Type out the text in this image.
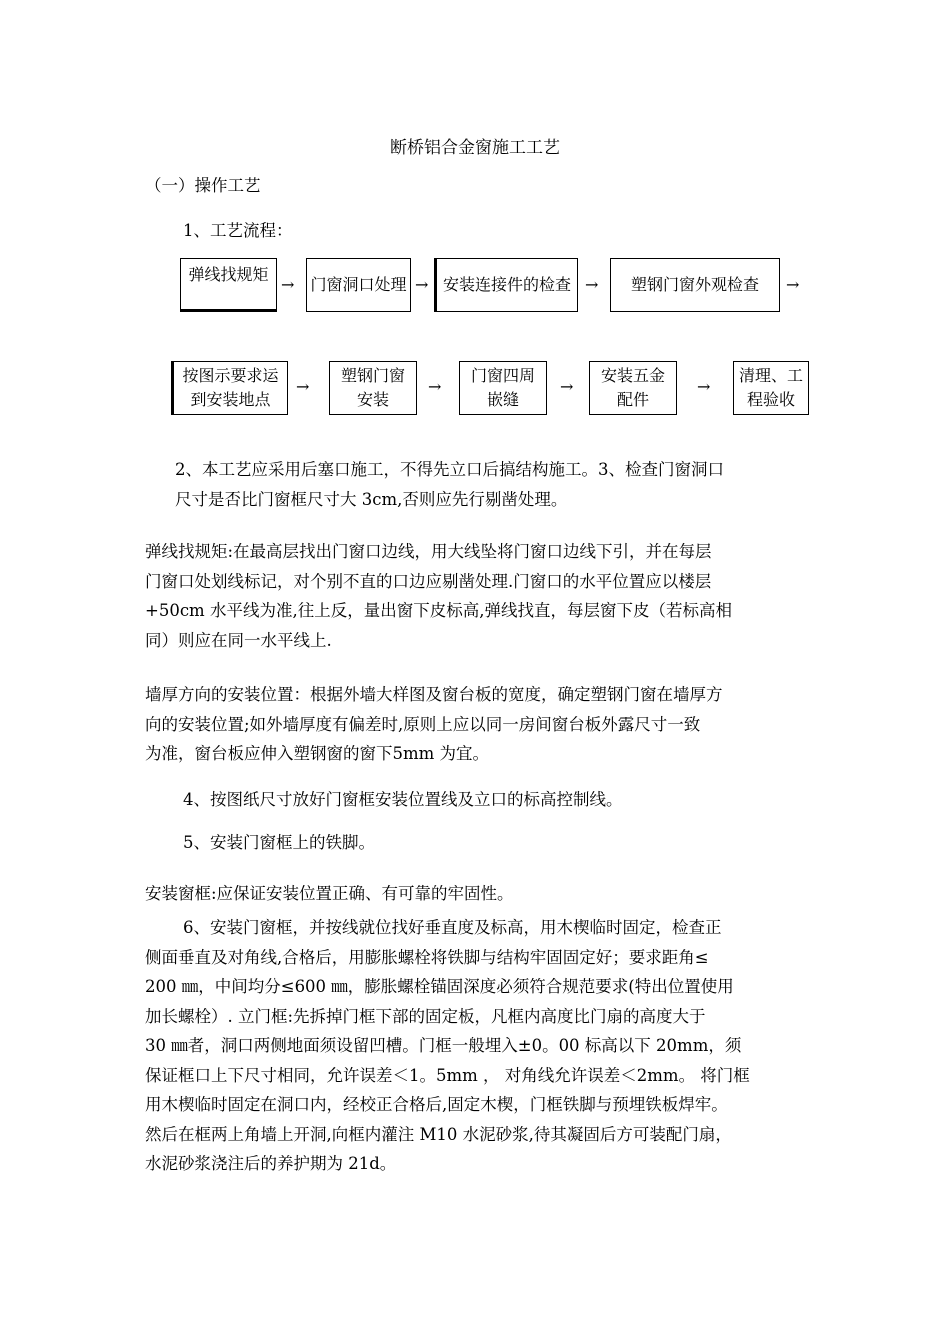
断桥铝合金窗施工工艺
（一）操作工艺
1、工艺流程：
弹线找规矩
→ 门窗洞口处理 → 安装连接件的检查 → 塑钢门窗外观检查 →
按图示要求运
到安装地点
→
塑钢门窗
安装
→
门窗四周
嵌缝
→
安装五金
配件
→
清理、工
程验收
2、本工艺应采用后塞口施工，不得先立口后搞结构施工。3、检查门窗洞口
尺寸是否比门窗框尺寸大 3cm,否则应先行剔凿处理。
弹线找规矩:在最高层找出门窗口边线，用大线坠将门窗口边线下引，并在每层
门窗口处划线标记，对个别不直的口边应剔凿处理.门窗口的水平位置应以楼层
+50cm 水平线为准,往上反，量出窗下皮标高,弹线找直，每层窗下皮（若标高相
同）则应在同一水平线上.
墙厚方向的安装位置：根据外墙大样图及窗台板的宽度，确定塑钢门窗在墙厚方
向的安装位置;如外墙厚度有偏差时,原则上应以同一房间窗台板外露尺寸一致
为准，窗台板应伸入塑钢窗的窗下5mm 为宜。
4、按图纸尺寸放好门窗框安装位置线及立口的标高控制线。
5、安装门窗框上的铁脚。
安装窗框:应保证安装位置正确、有可靠的牢固性。
6、安装门窗框，并按线就位找好垂直度及标高，用木楔临时固定，检查正
侧面垂直及对角线,合格后，用膨胀螺栓将铁脚与结构牢固固定好；要求距角≤
200 ㎜，中间均分≤600 ㎜，膨胀螺栓锚固深度必须符合规范要求(特出位置使用
加长螺栓）. 立门框:先拆掉门框下部的固定板，凡框内高度比门扇的高度大于
30 ㎜者，洞口两侧地面须设留凹槽。门框一般埋入±0。00 标高以下 20mm，须
保证框口上下尺寸相同，允许误差＜1。5mm ， 对角线允许误差＜2mm。 将门框
用木楔临时固定在洞口内，经校正合格后,固定木楔，门框铁脚与预埋铁板焊牢。
然后在框两上角墙上开洞,向框内灌注 M10 水泥砂浆,待其凝固后方可装配门扇，
水泥砂浆浇注后的养护期为 21d。
